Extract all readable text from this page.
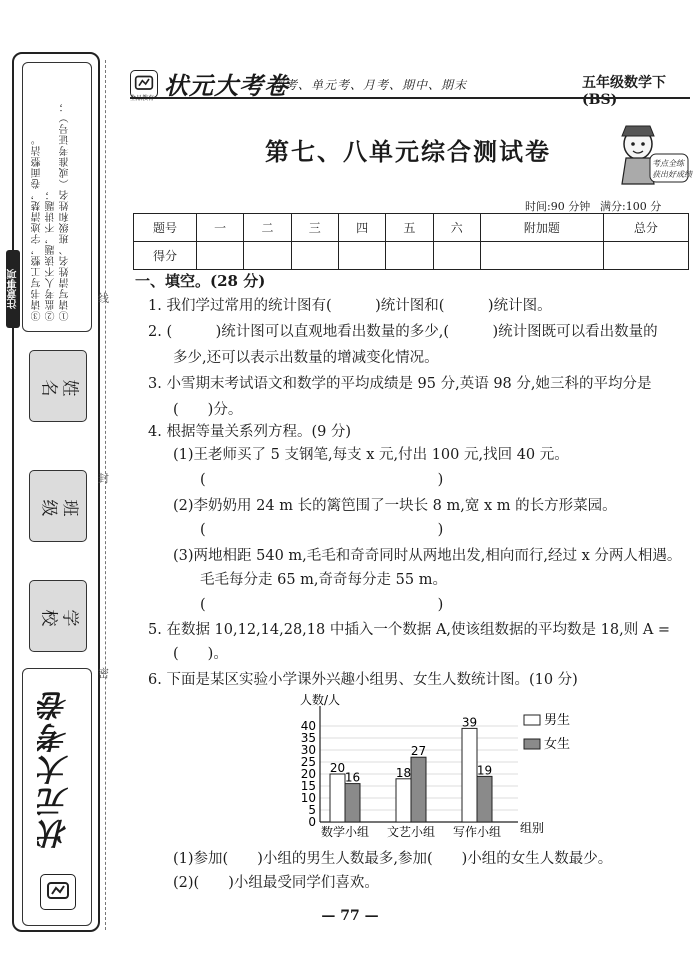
①请写清姓名、班级和姓名（或准考证号）；
②监考人不读题，不讲题；
③请书写工整，字迹清楚，卷面整洁。
注意事项
姓名
班级
学校
状元大考卷
线
封
密
状元大考卷
全品教育
周考、单元考、月考、期中、期末	五年级数学下(BS)
第七、八单元综合测试卷	考点全练
获出好成绩
时间:90 分钟 满分:100 分
题号	一	二	三	四	五	六	附加题	总分
得分								
一、填空。(28 分)
1. 我们学过常用的统计图有(　　　)统计图和(　　　)统计图。
2. (　　　)统计图可以直观地看出数量的多少,(　　　)统计图既可以看出数量的
多少,还可以表示出数量的增减变化情况。
3. 小雪期末考试语文和数学的平均成绩是 95 分,英语 98 分,她三科的平均分是
(　　)分。
4. 根据等量关系列方程。(9 分)
(1)王老师买了 5 支钢笔,每支 x 元,付出 100 元,找回 40 元。
(　　　　　　　　　　　　　　　　)
(2)李奶奶用 24 m 长的篱笆围了一块长 8 m,宽 x m 的长方形菜园。
(　　　　　　　　　　　　　　　　)
(3)两地相距 540 m,毛毛和奇奇同时从两地出发,相向而行,经过 x 分两人相遇。
毛毛每分走 65 m,奇奇每分走 55 m。
(　　　　　　　　　　　　　　　　)
5. 在数据 10,12,14,28,18 中插入一个数据 A,使该组数据的平均数是 18,则 A =
(　　)。
6. 下面是某区实验小学课外兴趣小组男、女生人数统计图。(10 分)
0
5
10
15
20
25
30
35
40
人数/人
组别
20
16
数学小组
18
27
文艺小组
39
19
写作小组
男生
女生
(1)参加(　　)小组的男生人数最多,参加(　　)小组的女生人数最少。
(2)(　　)小组最受同学们喜欢。
— 77 —
